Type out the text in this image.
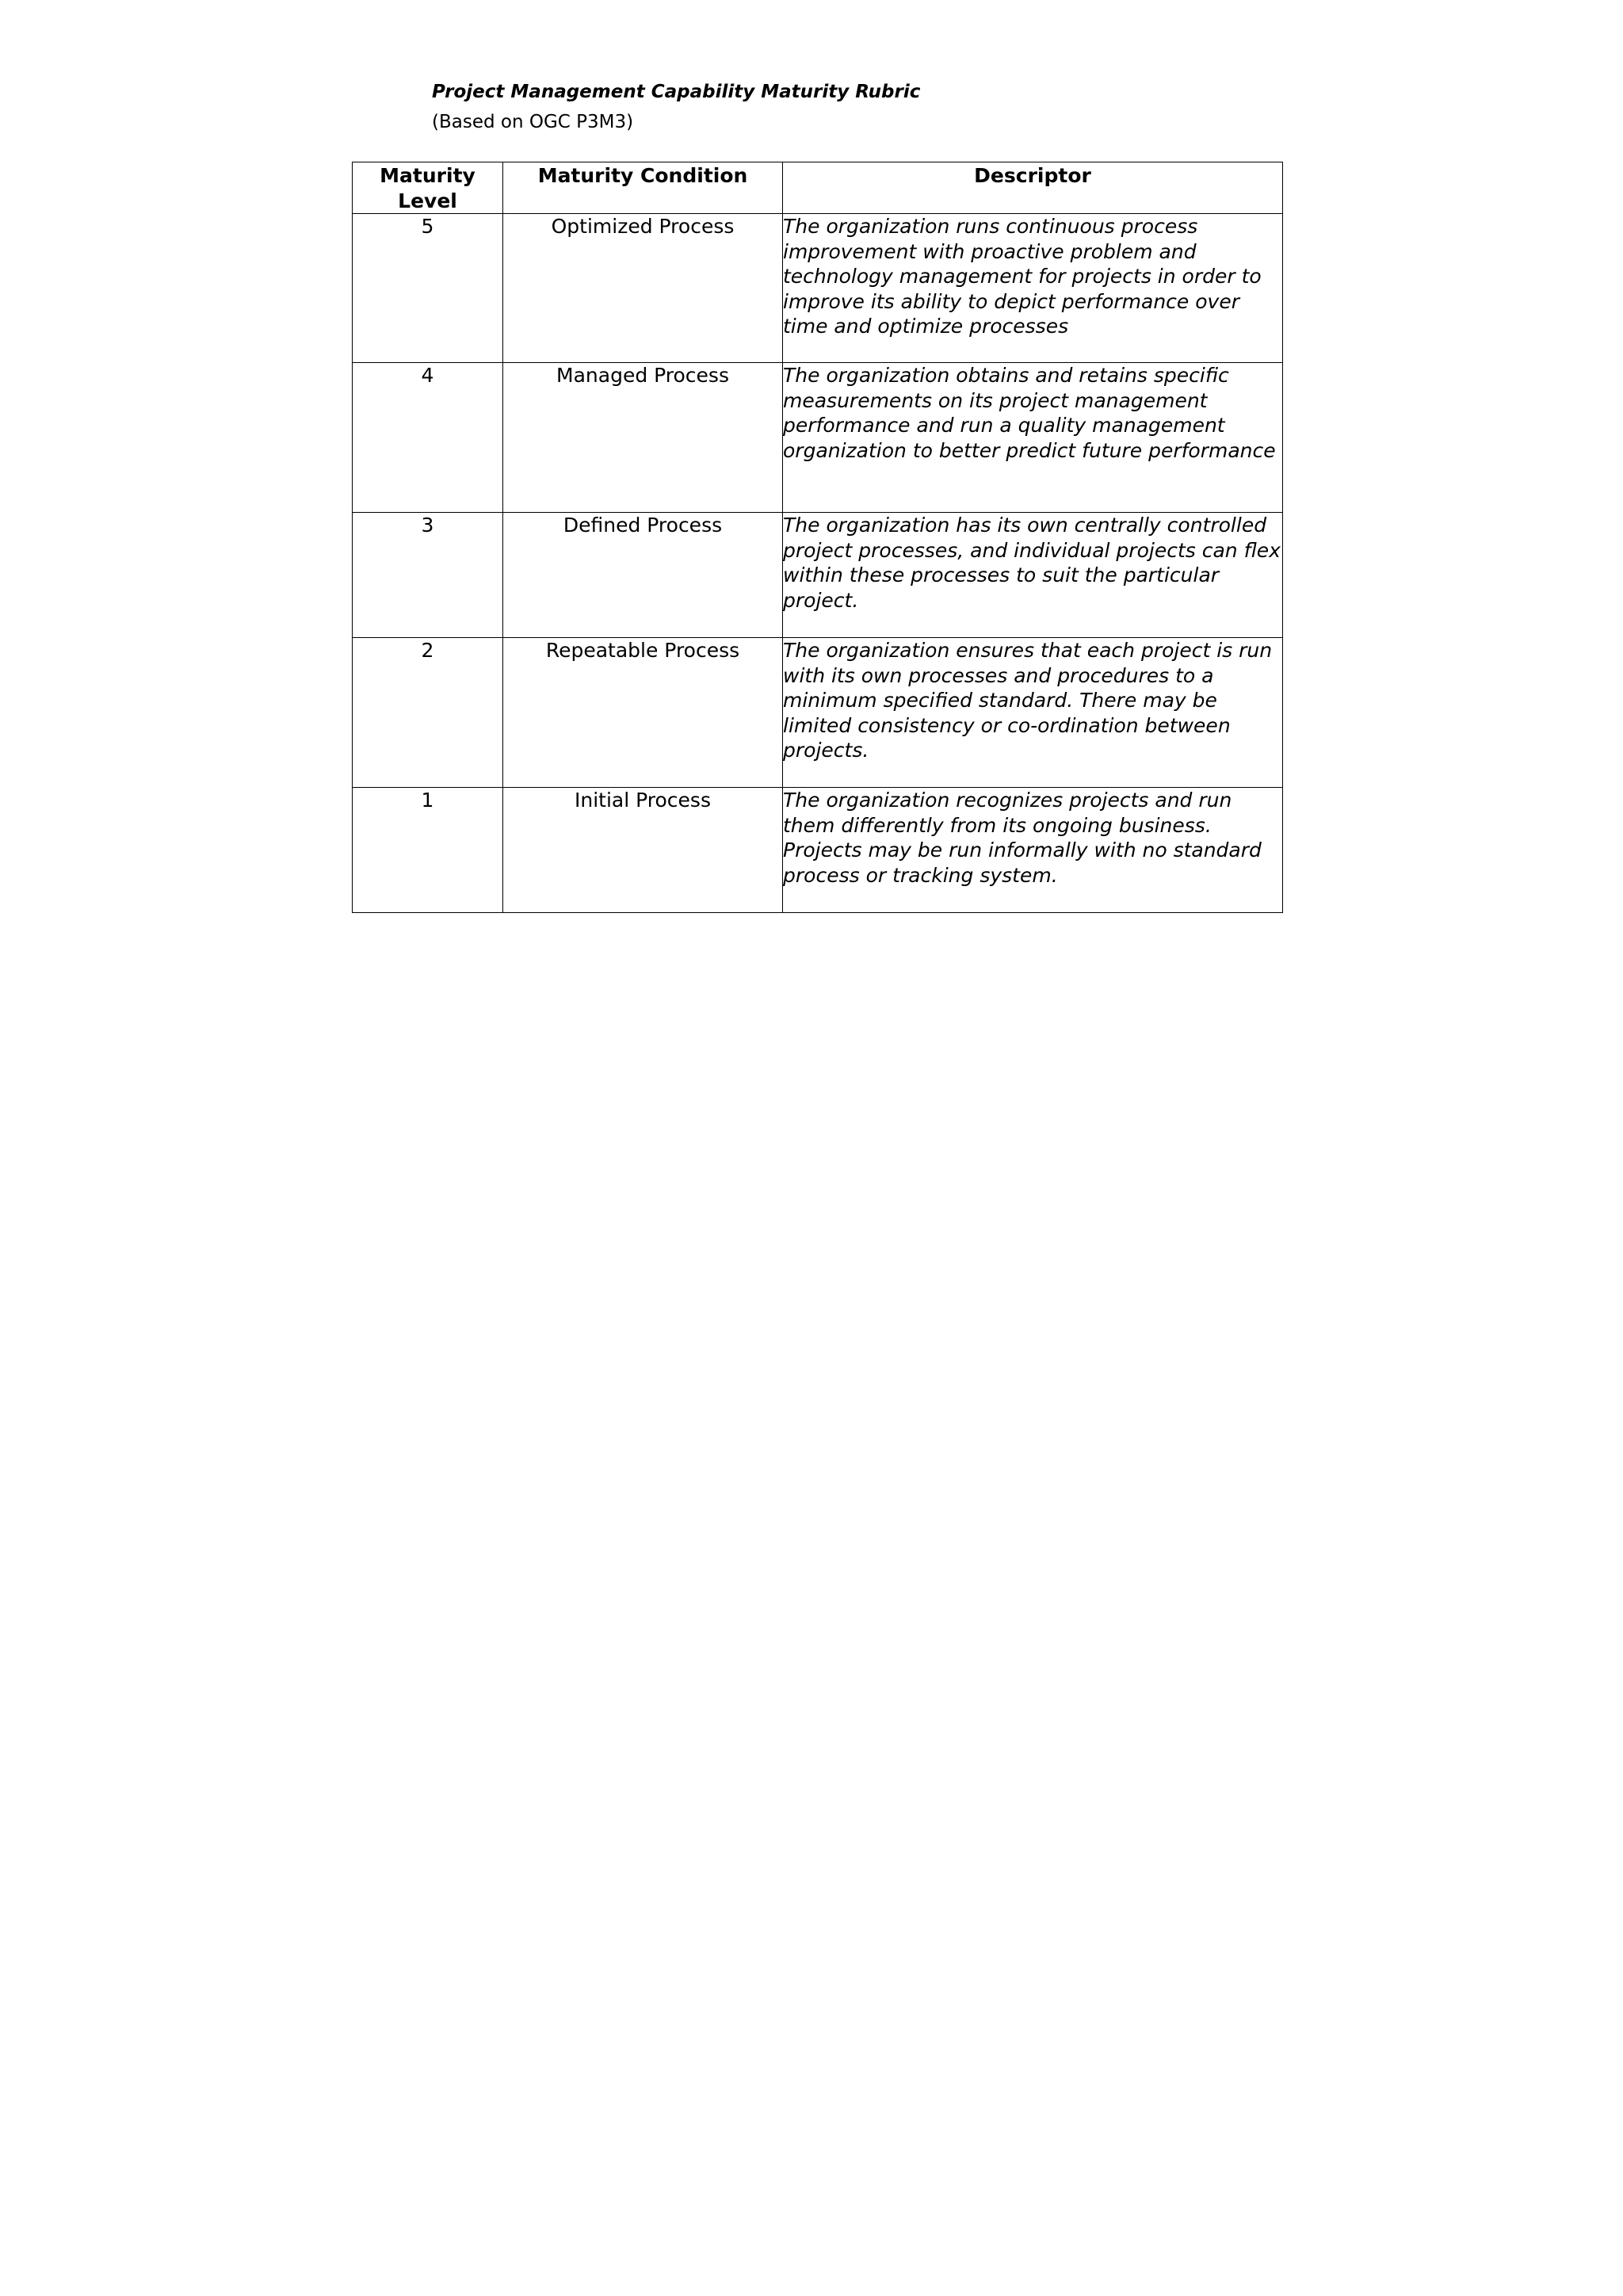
Project Management Capability Maturity Rubric
(Based on OGC P3M3)
Maturity Level	Maturity Condition	Descriptor
5	Optimized Process	The organization runs continuous process improvement with proactive problem and technology management for projects in order to improve its ability to depict performance over time and optimize processes
4	Managed Process	The organization obtains and retains specific measurements on its project management performance and run a quality management organization to better predict future performance
3	Defined Process	The organization has its own centrally controlled project processes, and individual projects can flex within these processes to suit the particular project.
2	Repeatable Process	The organization ensures that each project is run with its own processes and procedures to a minimum specified standard. There may be limited consistency or co-ordination between projects.
1	Initial Process	The organization recognizes projects and run them differently from its ongoing business. Projects may be run informally with no standard process or tracking system.
